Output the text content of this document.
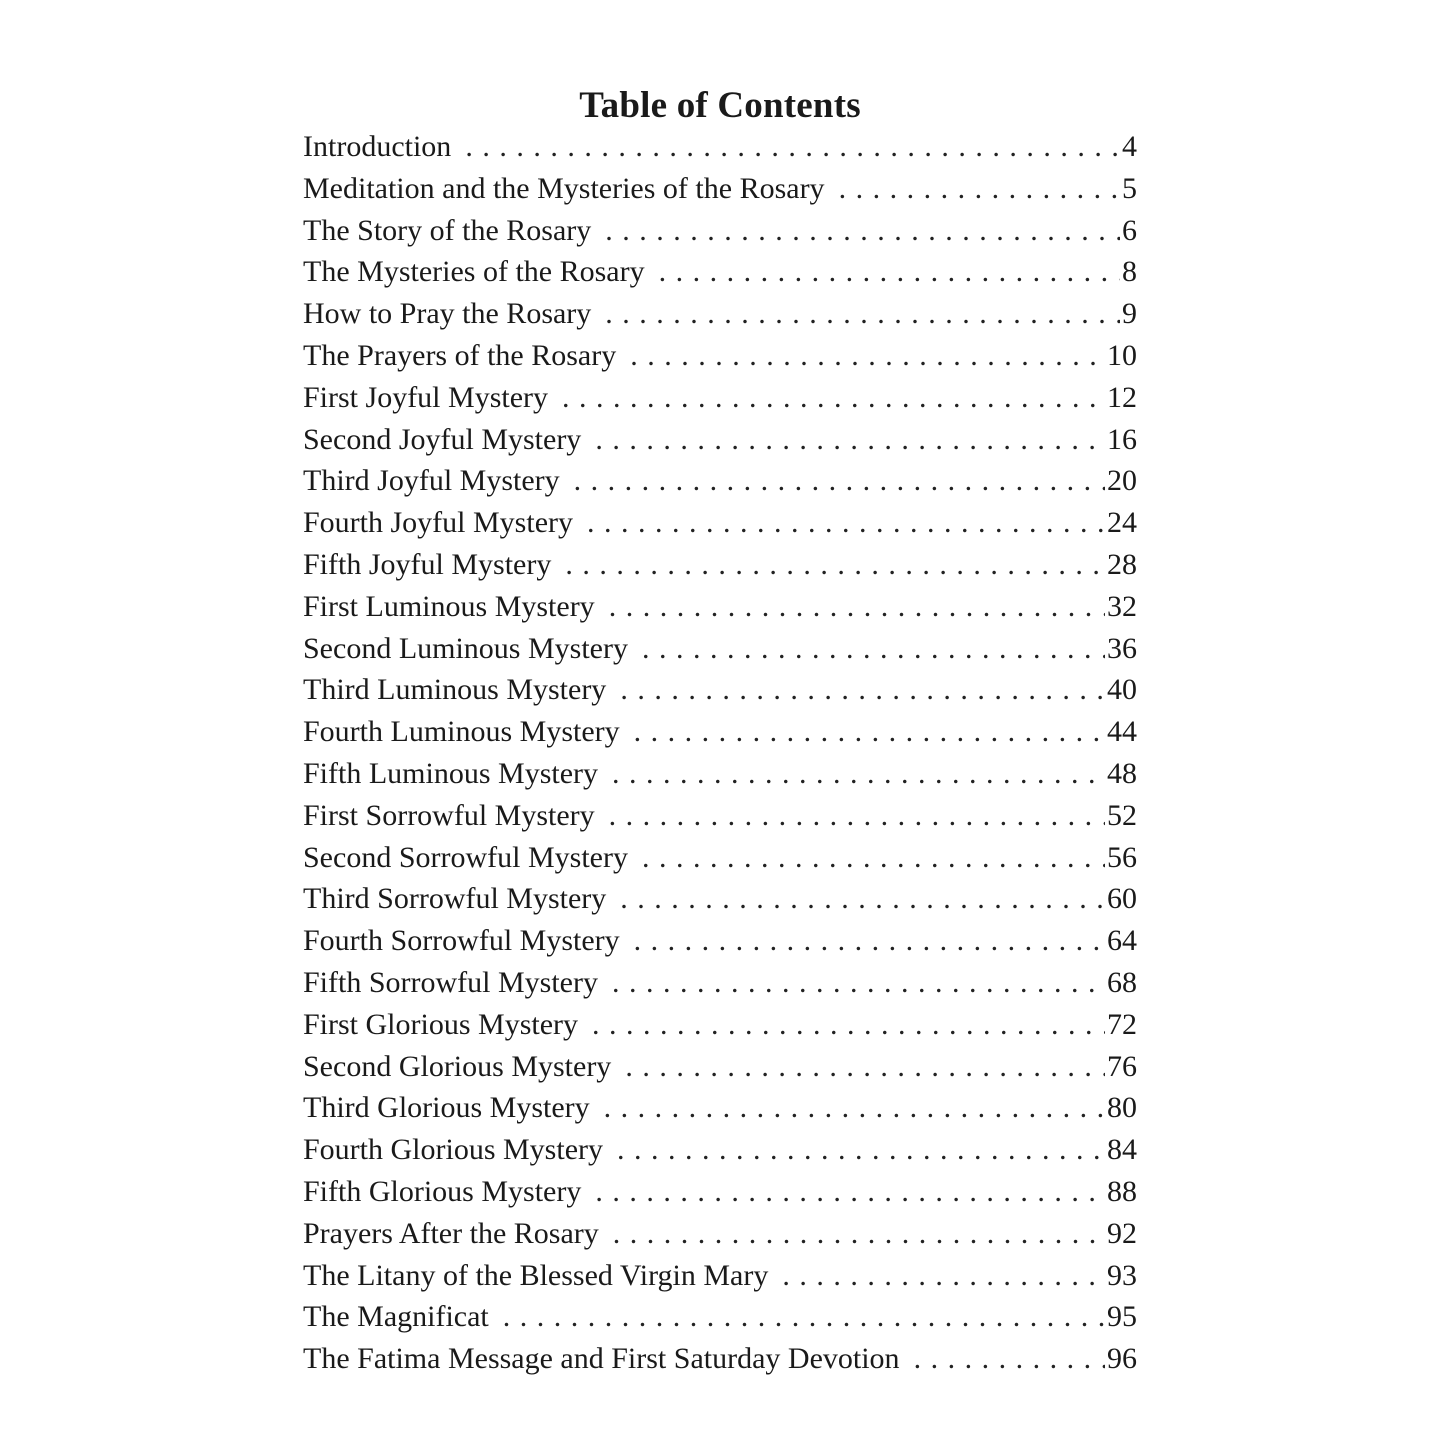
Table of Contents
Introduction . . .	4
Meditation and the Mysteries of the Rosary . . .	5
The Story of the Rosary . . .	6
The Mysteries of the Rosary . . .	8
How to Pray the Rosary . . .	9
The Prayers of the Rosary . . .	10
First Joyful Mystery . . .	12
Second Joyful Mystery . . .	16
Third Joyful Mystery . . .	20
Fourth Joyful Mystery . . .	24
Fifth Joyful Mystery . . .	28
First Luminous Mystery . . .	32
Second Luminous Mystery . . .	36
Third Luminous Mystery . . .	40
Fourth Luminous Mystery . . .	44
Fifth Luminous Mystery . . .	48
First Sorrowful Mystery . . .	52
Second Sorrowful Mystery . . .	56
Third Sorrowful Mystery . . .	60
Fourth Sorrowful Mystery . . .	64
Fifth Sorrowful Mystery . . .	68
First Glorious Mystery . . .	72
Second Glorious Mystery . . .	76
Third Glorious Mystery . . .	80
Fourth Glorious Mystery . . .	84
Fifth Glorious Mystery . . .	88
Prayers After the Rosary . . .	92
The Litany of the Blessed Virgin Mary . . .	93
The Magnificat . . .	95
The Fatima Message and First Saturday Devotion . . .	96
